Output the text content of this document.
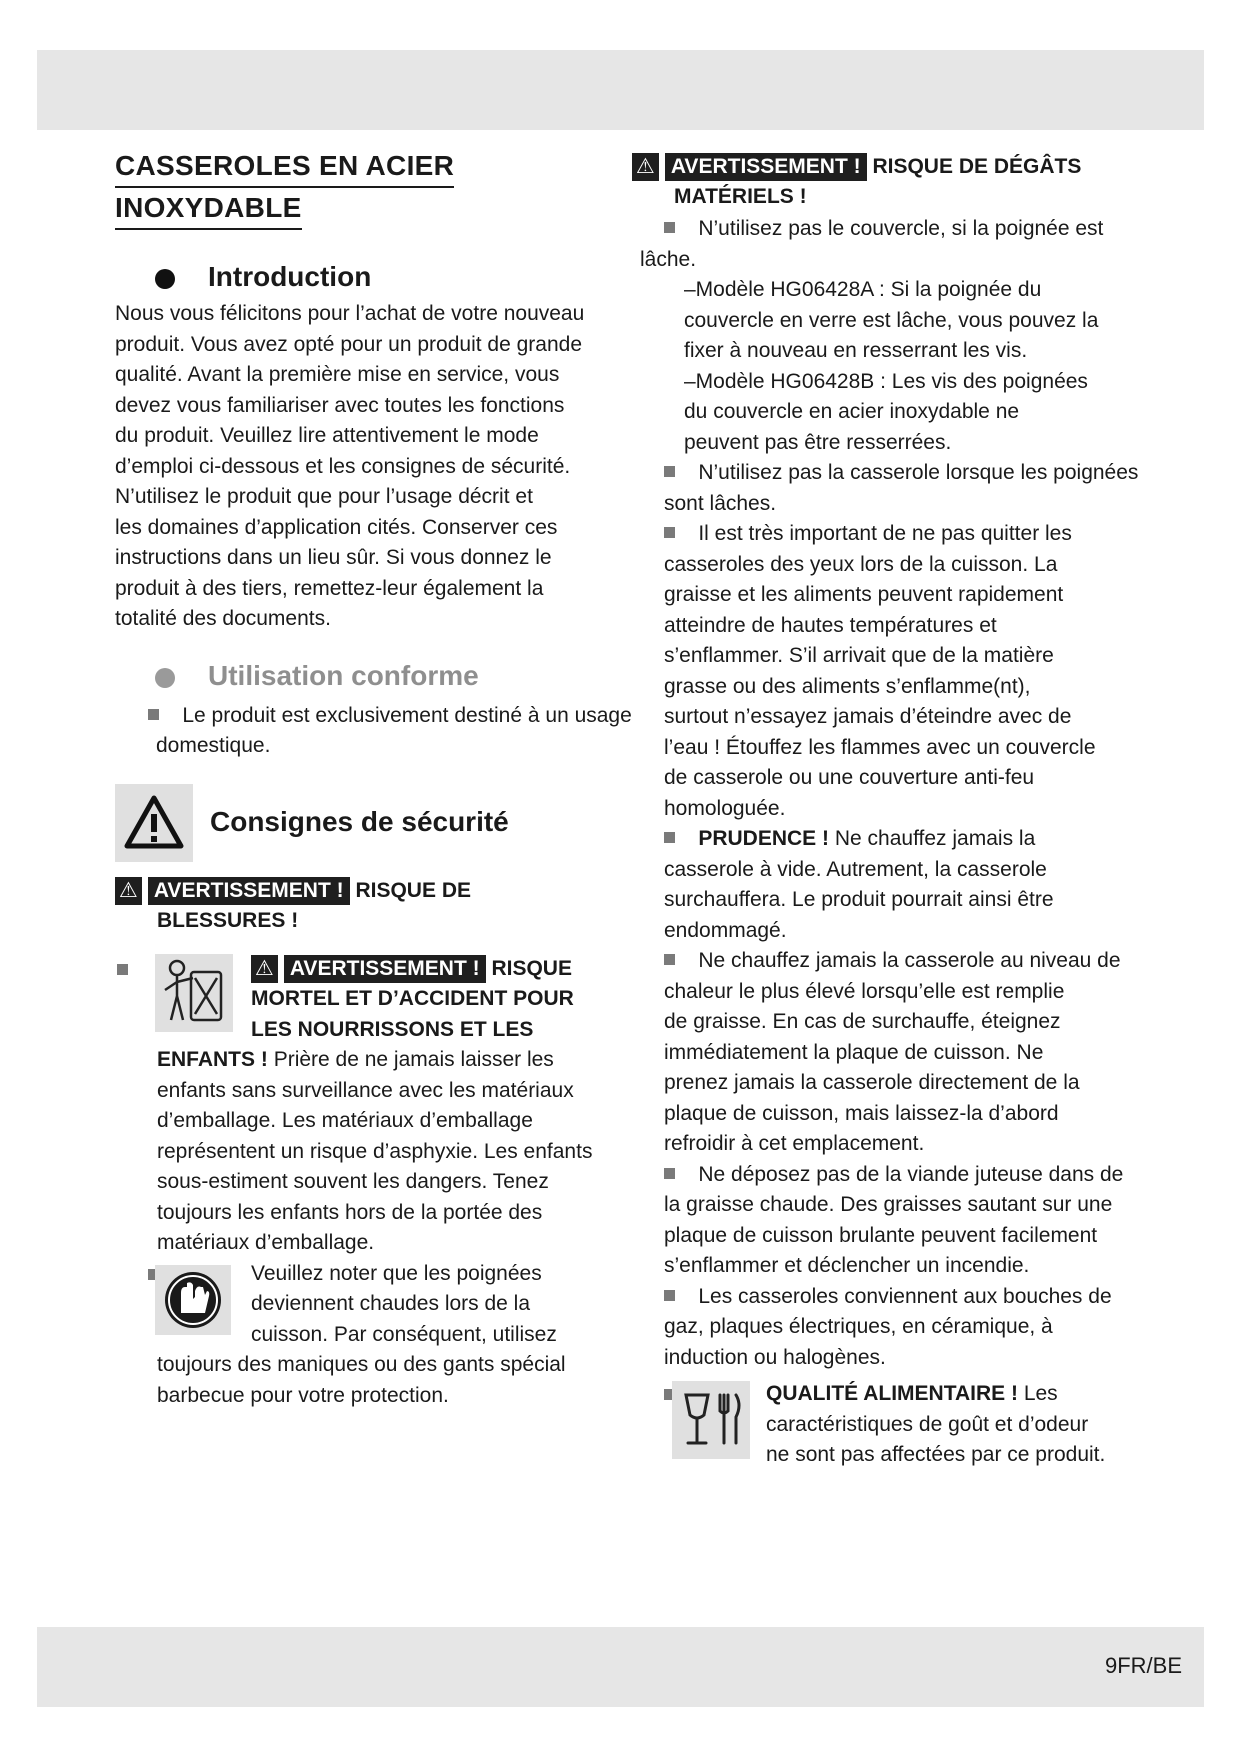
9FR/BE
CASSEROLES EN ACIER
INOXYDABLE
Introduction

Nous vous félicitons pour l’achat de votre nouveau

produit. Vous avez opté pour un produit de grande

qualité. Avant la première mise en service, vous

devez vous familiariser avec toutes les fonctions

du produit. Veuillez lire attentivement le mode

d’emploi ci-dessous et les consignes de sécurité.

N’utilisez le produit que pour l’usage décrit et

les domaines d’application cités. Conserver ces

instructions dans un lieu sûr. Si vous donnez le

produit à des tiers, remettez-leur également la

totalité des documents.

Utilisation conforme

Le produit est exclusivement destiné à un usage

domestique.

Consignes de sécurité
⚠ AVERTISSEMENT ! RISQUE DE
BLESSURES !
⚠ AVERTISSEMENT ! RISQUE
MORTEL ET D’ACCIDENT POUR
LES NOURRISSONS ET LES

ENFANTS ! Prière de ne jamais laisser les

enfants sans surveillance avec les matériaux

d’emballage. Les matériaux d’emballage

représentent un risque d’asphyxie. Les enfants

sous-estiment souvent les dangers. Tenez

toujours les enfants hors de la portée des

matériaux d’emballage.

Veuillez noter que les poignées

deviennent chaudes lors de la

cuisson. Par conséquent, utilisez

toujours des maniques ou des gants spécial

barbecue pour votre protection.

⚠ AVERTISSEMENT ! RISQUE DE DÉGÂTS
MATÉRIELS !

N’utilisez pas le couvercle, si la poignée est

lâche.

–Modèle HG06428A : Si la poignée du

couvercle en verre est lâche, vous pouvez la

fixer à nouveau en resserrant les vis.

–Modèle HG06428B : Les vis des poignées

du couvercle en acier inoxydable ne

peuvent pas être resserrées.

N’utilisez pas la casserole lorsque les poignées

sont lâches.

Il est très important de ne pas quitter les

casseroles des yeux lors de la cuisson. La

graisse et les aliments peuvent rapidement

atteindre de hautes températures et

s’enflammer. S’il arrivait que de la matière

grasse ou des aliments s’enflamme(nt),

surtout n’essayez jamais d’éteindre avec de

l’eau ! Étouffez les flammes avec un couvercle

de casserole ou une couverture anti-feu

homologuée.

PRUDENCE ! Ne chauffez jamais la

casserole à vide. Autrement, la casserole

surchauffera. Le produit pourrait ainsi être

endommagé.

Ne chauffez jamais la casserole au niveau de

chaleur le plus élevé lorsqu’elle est remplie

de graisse. En cas de surchauffe, éteignez

immédiatement la plaque de cuisson. Ne

prenez jamais la casserole directement de la

plaque de cuisson, mais laissez-la d’abord

refroidir à cet emplacement.

Ne déposez pas de la viande juteuse dans de

la graisse chaude. Des graisses sautant sur une

plaque de cuisson brulante peuvent facilement

s’enflammer et déclencher un incendie.

Les casseroles conviennent aux bouches de

gaz, plaques électriques, en céramique, à

induction ou halogènes.

QUALITÉ ALIMENTAIRE ! Les

caractéristiques de goût et d’odeur

ne sont pas affectées par ce produit.
